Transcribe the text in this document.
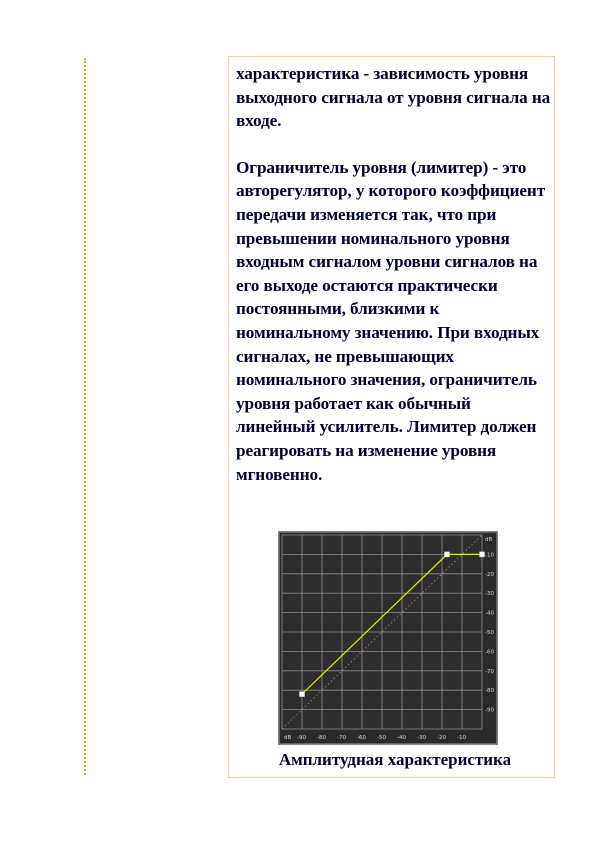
характеристика - зависимость уровня выходного сигнала от уровня сигнала на входе.

Ограничитель уровня (лимитер) - это авторегулятор, у которого коэффициент передачи изменяется так, что при превышении номинального уровня входным сигналом уровни сигналов на его выходе остаются практически постоянными, близкими к номинальному значению. При входных сигналах, не превышающих номинального значения, ограничитель уровня работает как обычный линейный усилитель. Лимитер должен реагировать на изменение уровня мгновенно.

dB
-10
-20
-30
-40
-50
-60
-70
-80
-90
dB -90 -80 -70 -60 -50 -40 -30 -20 -10
Амплитудная характеристика
